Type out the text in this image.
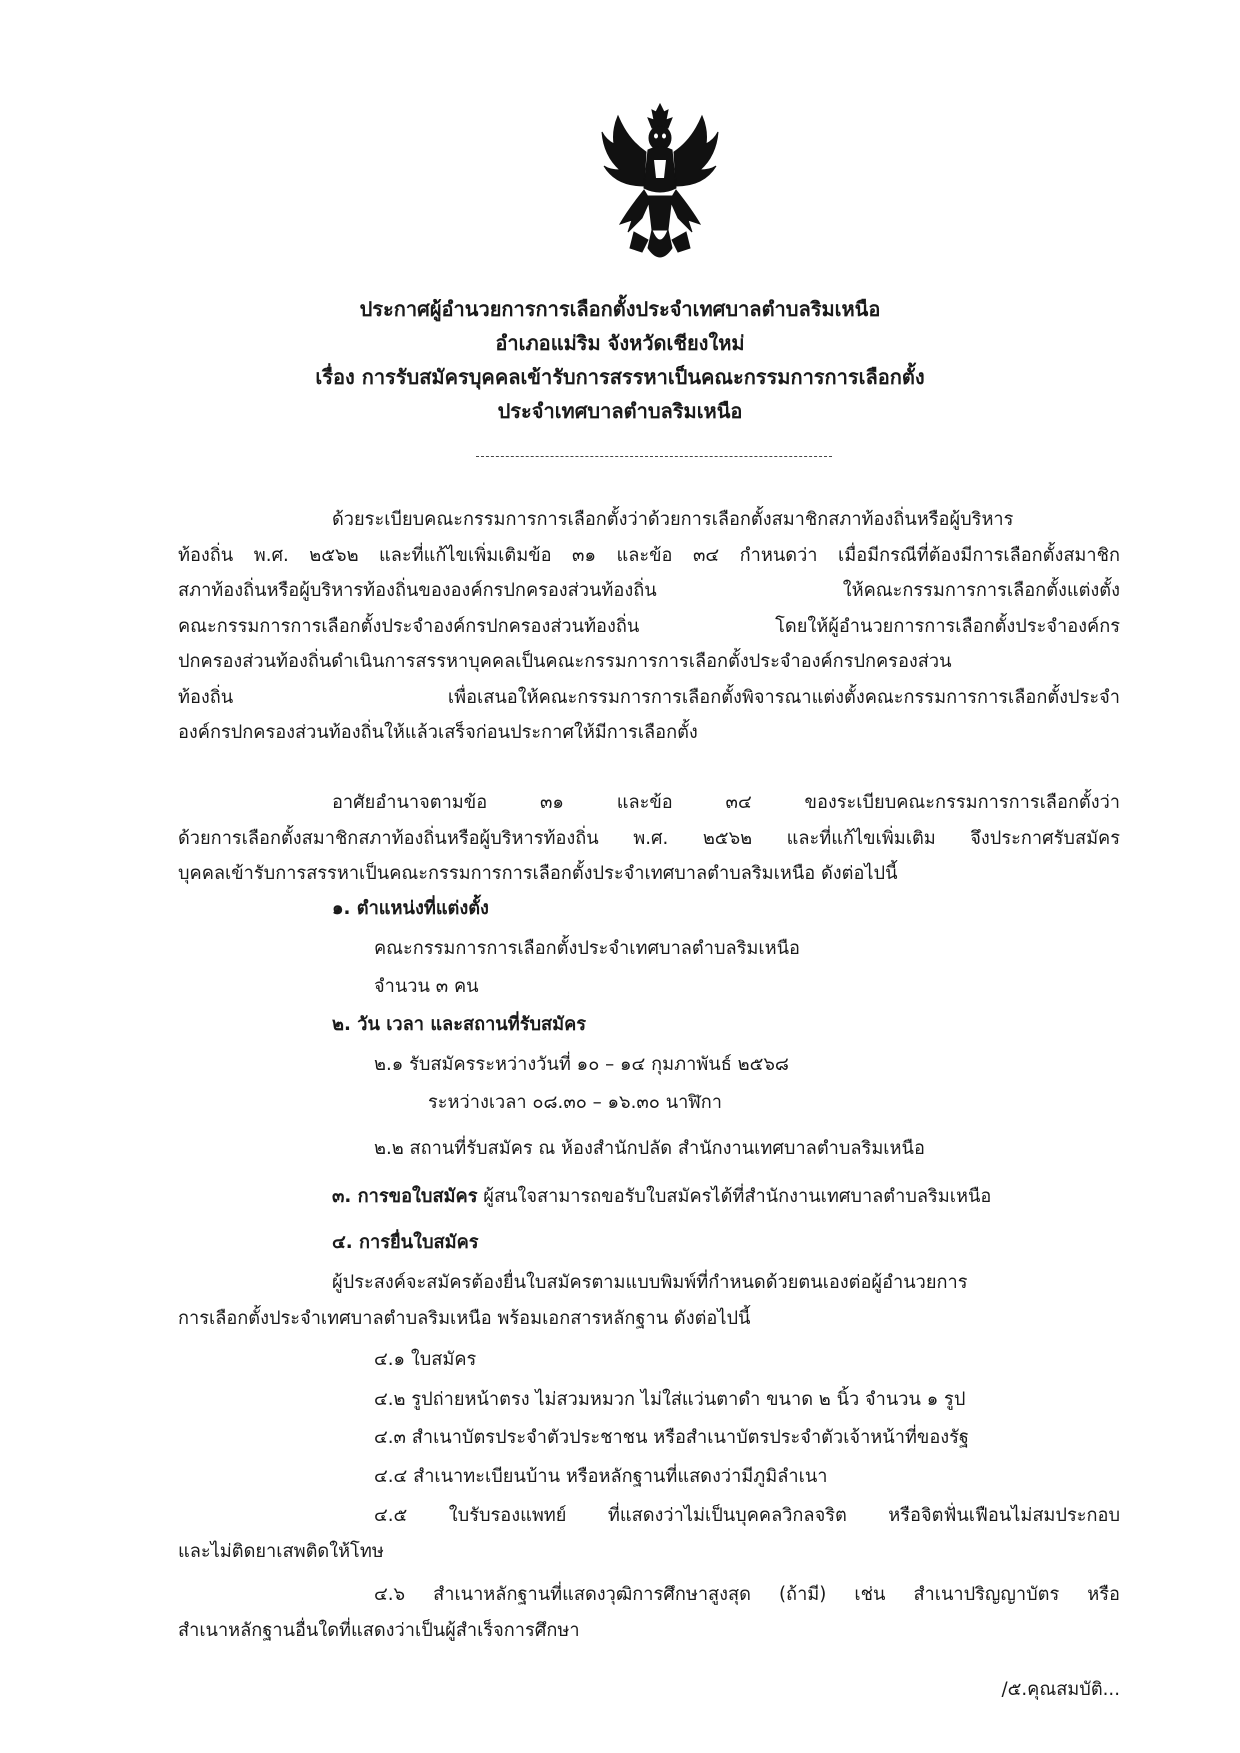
ประกาศผู้อำนวยการการเลือกตั้งประจำเทศบาลตำบลริมเหนือ
อำเภอแม่ริม จังหวัดเชียงใหม่
เรื่อง การรับสมัครบุคคลเข้ารับการสรรหาเป็นคณะกรรมการการเลือกตั้ง
ประจำเทศบาลตำบลริมเหนือ
ด้วยระเบียบคณะกรรมการการเลือกตั้งว่าด้วยการเลือกตั้งสมาชิกสภาท้องถิ่นหรือผู้บริหาร
ท้องถิ่น พ.ศ. ๒๕๖๒ และที่แก้ไขเพิ่มเติมข้อ ๓๑ และข้อ ๓๔ กำหนดว่า เมื่อมีกรณีที่ต้องมีการเลือกตั้งสมาชิก
สภาท้องถิ่นหรือผู้บริหารท้องถิ่นขององค์กรปกครองส่วนท้องถิ่น ให้คณะกรรมการการเลือกตั้งแต่งตั้ง
คณะกรรมการการเลือกตั้งประจำองค์กรปกครองส่วนท้องถิ่น โดยให้ผู้อำนวยการการเลือกตั้งประจำองค์กร
ปกครองส่วนท้องถิ่นดำเนินการสรรหาบุคคลเป็นคณะกรรมการการเลือกตั้งประจำองค์กรปกครองส่วน
ท้องถิ่น เพื่อเสนอให้คณะกรรมการการเลือกตั้งพิจารณาแต่งตั้งคณะกรรมการการเลือกตั้งประจำ
องค์กรปกครองส่วนท้องถิ่นให้แล้วเสร็จก่อนประกาศให้มีการเลือกตั้ง
อาศัยอำนาจตามข้อ ๓๑ และข้อ ๓๔ ของระเบียบคณะกรรมการการเลือกตั้งว่า
ด้วยการเลือกตั้งสมาชิกสภาท้องถิ่นหรือผู้บริหารท้องถิ่น พ.ศ. ๒๕๖๒ และที่แก้ไขเพิ่มเติม จึงประกาศรับสมัคร
บุคคลเข้ารับการสรรหาเป็นคณะกรรมการการเลือกตั้งประจำเทศบาลตำบลริมเหนือ ดังต่อไปนี้
๑. ตำแหน่งที่แต่งตั้ง
คณะกรรมการการเลือกตั้งประจำเทศบาลตำบลริมเหนือ
จำนวน ๓ คน
๒. วัน เวลา และสถานที่รับสมัคร
๒.๑ รับสมัครระหว่างวันที่ ๑๐ – ๑๔ กุมภาพันธ์ ๒๕๖๘
ระหว่างเวลา ๐๘.๓๐ – ๑๖.๓๐ นาฬิกา
๒.๒ สถานที่รับสมัคร ณ ห้องสำนักปลัด สำนักงานเทศบาลตำบลริมเหนือ
๓. การขอใบสมัคร ผู้สนใจสามารถขอรับใบสมัครได้ที่สำนักงานเทศบาลตำบลริมเหนือ
๔. การยื่นใบสมัคร
ผู้ประสงค์จะสมัครต้องยื่นใบสมัครตามแบบพิมพ์ที่กำหนดด้วยตนเองต่อผู้อำนวยการ
การเลือกตั้งประจำเทศบาลตำบลริมเหนือ พร้อมเอกสารหลักฐาน ดังต่อไปนี้
๔.๑ ใบสมัคร
๔.๒ รูปถ่ายหน้าตรง ไม่สวมหมวก ไม่ใส่แว่นตาดำ ขนาด ๒ นิ้ว จำนวน ๑ รูป
๔.๓ สำเนาบัตรประจำตัวประชาชน หรือสำเนาบัตรประจำตัวเจ้าหน้าที่ของรัฐ
๔.๔ สำเนาทะเบียนบ้าน หรือหลักฐานที่แสดงว่ามีภูมิลำเนา
๔.๕ ใบรับรองแพทย์ ที่แสดงว่าไม่เป็นบุคคลวิกลจริต หรือจิตฟั่นเฟือนไม่สมประกอบ
และไม่ติดยาเสพติดให้โทษ
๔.๖ สำเนาหลักฐานที่แสดงวุฒิการศึกษาสูงสุด (ถ้ามี) เช่น สำเนาปริญญาบัตร หรือ
สำเนาหลักฐานอื่นใดที่แสดงว่าเป็นผู้สำเร็จการศึกษา
/๕.คุณสมบัติ...
